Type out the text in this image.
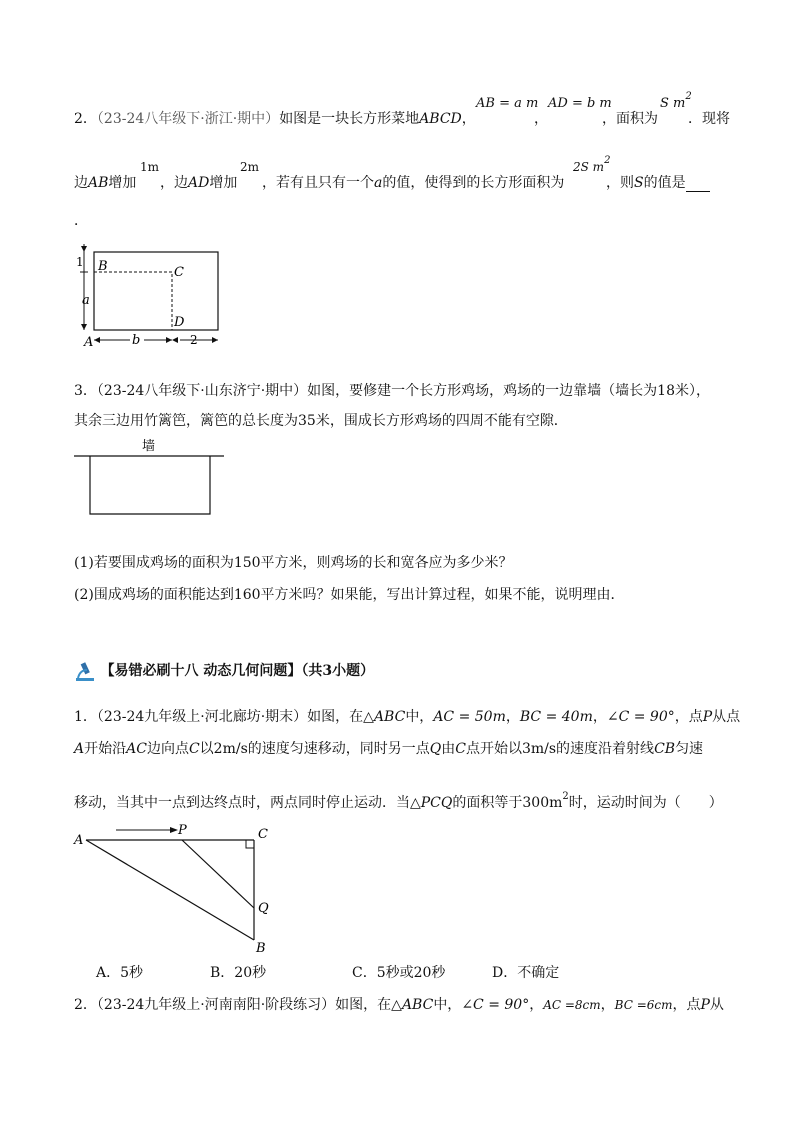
2．（23-24八年级下·浙江·期中）如图是一块长方形菜地ABCD，
AB = a m
，
AD = b m
，面积为
S $m^2$
．现将
边AB增加
1m
，边AD增加
2m
，若有且只有一个a的值，使得到的长方形面积为
2S $m^2$
，则S的值是
．
1
a
B	C
D
A	b	2
3．（23-24八年级下·山东济宁·期中）如图，要修建一个长方形鸡场，鸡场的一边靠墙（墙长为18米），
其余三边用竹篱笆，篱笆的总长度为35米，围成长方形鸡场的四周不能有空隙．
墙
(1)若要围成鸡场的面积为150平方米，则鸡场的长和宽各应为多少米？
(2)围成鸡场的面积能达到160平方米吗？如果能，写出计算过程，如果不能，说明理由．
【易错必刷十八 动态几何问题】（共3小题）
1．（23-24九年级上·河北廊坊·期末）如图，在△ABC中，AC = 50m，BC = 40m，∠C = 90°，点P从点
A开始沿AC边向点C以2m/s的速度匀速移动，同时另一点Q由C点开始以3m/s的速度沿着射线CB匀速
移动，当其中一点到达终点时，两点同时停止运动．当△PCQ的面积等于$300m^2$时，运动时间为（　　）
A
P	C
Q
B
A．5秒	B．20秒	C．5秒或20秒	D．不确定
2．（23-24九年级上·河南南阳·阶段练习）如图，在△ABC中，∠C = 90°，AC =8cm，BC =6cm，点P从
